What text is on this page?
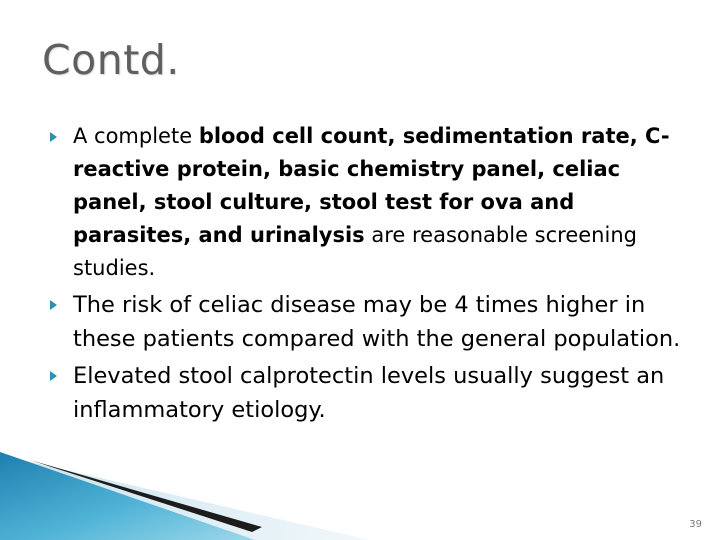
Contd.
A complete blood cell count, sedimentation rate, C-reactive protein, basic chemistry panel, celiac panel, stool culture, stool test for ova and parasites, and urinalysis are reasonable screening studies.
The risk of celiac disease may be 4 times higher in these patients compared with the general population.
Elevated stool calprotectin levels usually suggest an inflammatory etiology.
39
